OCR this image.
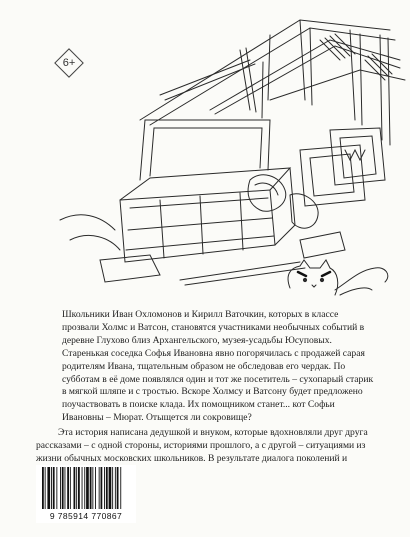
6+

Школьники Иван Охломонов и Кирилл Ваточкин, которых в классе прозвали Холмс и Ватсон, становятся участниками необычных событий в деревне Глухово близ Архангельского, музея-усадьбы Юсуповых. Старенькая соседка Софья Ивановна явно погорячилась с продажей сарая родителям Ивана, тщательным образом не обследовав его чердак. По субботам в её доме появлялся один и тот же посетитель – сухопарый старик в мягкой шляпе и с тростью. Вскоре Холмсу и Ватсону будет предложено поучаствовать в поиске клада. Их помощником станет... кот Софьи Ивановны – Мюрат. Отыщется ли сокровище?

Эта история написана дедушкой и внуком, которые вдохновляли друг друга рассказами – с одной стороны, историями прошлого, а с другой – ситуациями из жизни обычных московских школьников. В результате диалога поколений и

9 785914 770867
